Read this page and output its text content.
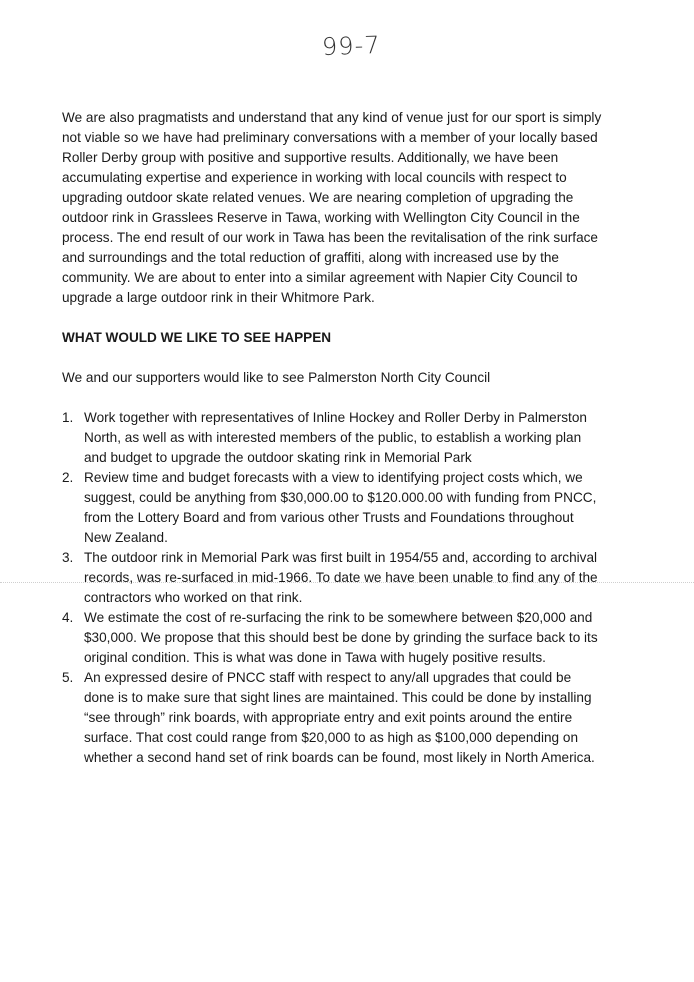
99-7

We are also pragmatists and understand that any kind of venue just for our sport is simply not viable so we have had preliminary conversations with a member of your locally based Roller Derby group with positive and supportive results. Additionally, we have been accumulating expertise and experience in working with local councils with respect to upgrading outdoor skate related venues. We are nearing completion of upgrading the outdoor rink in Grasslees Reserve in Tawa, working with Wellington City Council in the process. The end result of our work in Tawa has been the revitalisation of the rink surface and surroundings and the total reduction of graffiti, along with increased use by the community. We are about to enter into a similar agreement with Napier City Council to upgrade a large outdoor rink in their Whitmore Park.

WHAT WOULD WE LIKE TO SEE HAPPEN

We and our supporters would like to see Palmerston North City Council

1. Work together with representatives of Inline Hockey and Roller Derby in Palmerston North, as well as with interested members of the public, to establish a working plan and budget to upgrade the outdoor skating rink in Memorial Park
2. Review time and budget forecasts with a view to identifying project costs which, we suggest, could be anything from $30,000.00 to $120.000.00 with funding from PNCC, from the Lottery Board and from various other Trusts and Foundations throughout New Zealand.
3. The outdoor rink in Memorial Park was first built in 1954/55 and, according to archival records, was re-surfaced in mid-1966. To date we have been unable to find any of the contractors who worked on that rink.
4. We estimate the cost of re-surfacing the rink to be somewhere between $20,000 and $30,000. We propose that this should best be done by grinding the surface back to its original condition. This is what was done in Tawa with hugely positive results.
5. An expressed desire of PNCC staff with respect to any/all upgrades that could be done is to make sure that sight lines are maintained. This could be done by installing “see through” rink boards, with appropriate entry and exit points around the entire surface. That cost could range from $20,000 to as high as $100,000 depending on whether a second hand set of rink boards can be found, most likely in North America.
